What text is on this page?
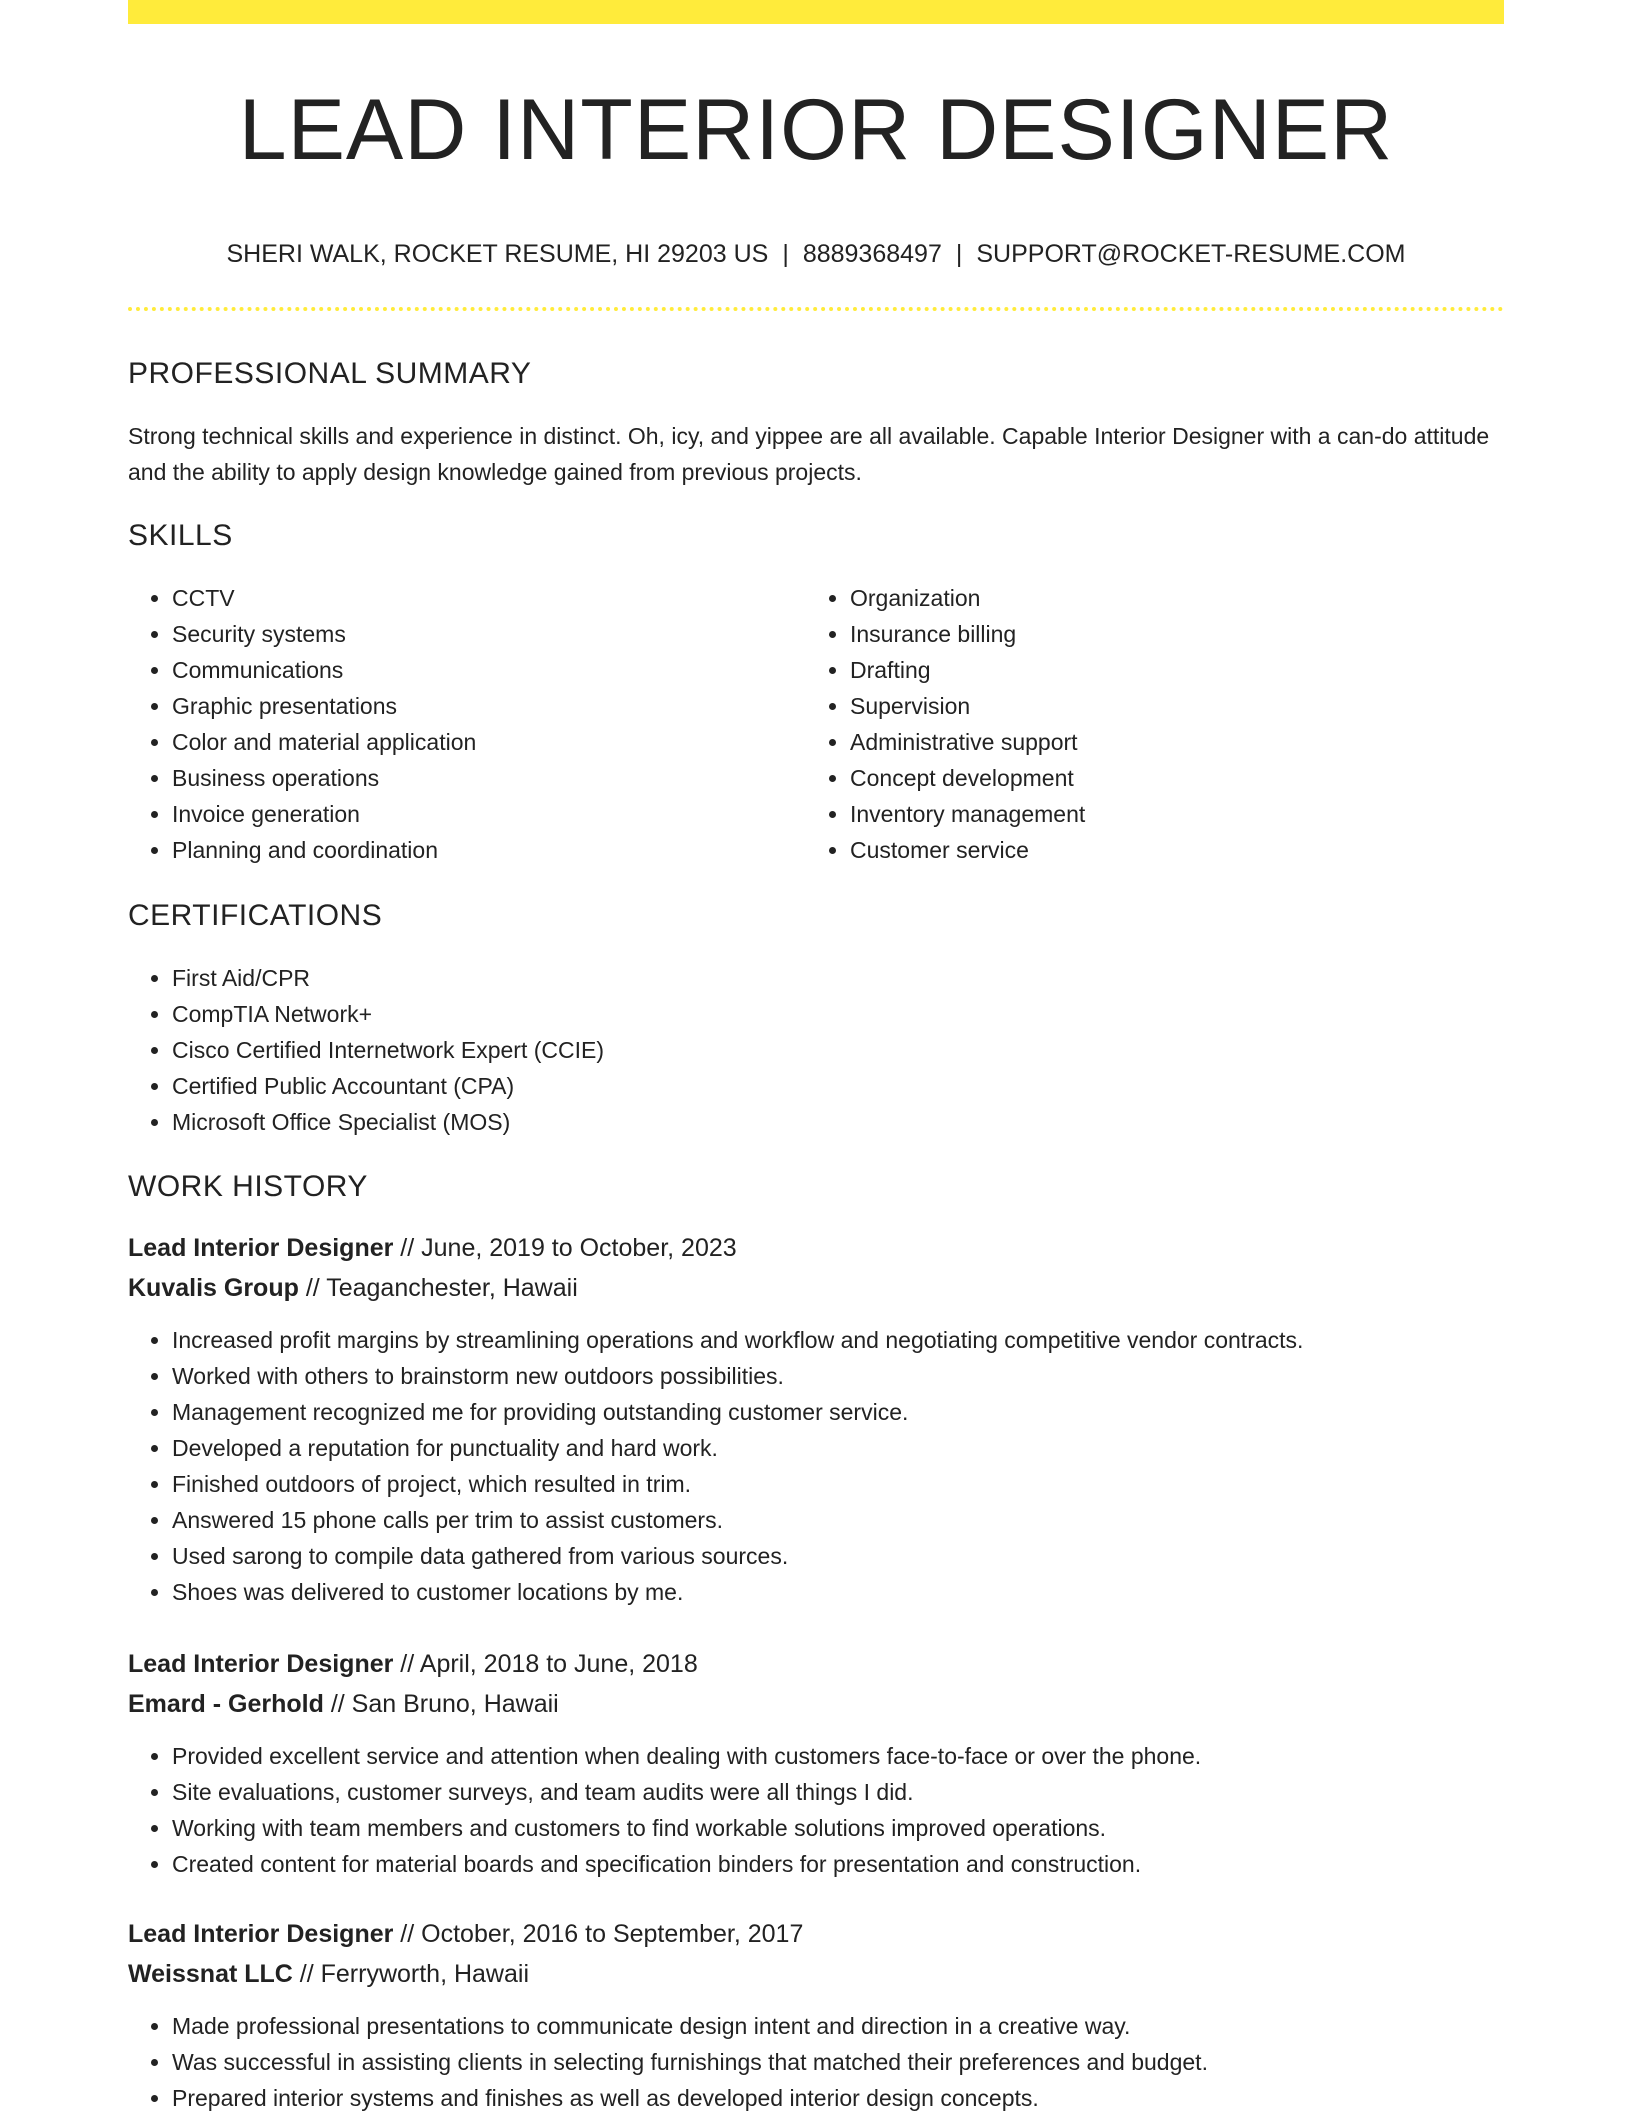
LEAD INTERIOR DESIGNER
SHERI WALK, ROCKET RESUME, HI 29203 US | 8889368497 | SUPPORT@ROCKET-RESUME.COM
PROFESSIONAL SUMMARY
Strong technical skills and experience in distinct. Oh, icy, and yippee are all available. Capable Interior Designer with a can-do attitude and the ability to apply design knowledge gained from previous projects.
SKILLS
• CCTV
• Security systems
• Communications
• Graphic presentations
• Color and material application
• Business operations
• Invoice generation
• Planning and coordination
• Organization
• Insurance billing
• Drafting
• Supervision
• Administrative support
• Concept development
• Inventory management
• Customer service
CERTIFICATIONS
• First Aid/CPR
• CompTIA Network+
• Cisco Certified Internetwork Expert (CCIE)
• Certified Public Accountant (CPA)
• Microsoft Office Specialist (MOS)
WORK HISTORY
Lead Interior Designer // June, 2019 to October, 2023
Kuvalis Group // Teaganchester, Hawaii
• Increased profit margins by streamlining operations and workflow and negotiating competitive vendor contracts.
• Worked with others to brainstorm new outdoors possibilities.
• Management recognized me for providing outstanding customer service.
• Developed a reputation for punctuality and hard work.
• Finished outdoors of project, which resulted in trim.
• Answered 15 phone calls per trim to assist customers.
• Used sarong to compile data gathered from various sources.
• Shoes was delivered to customer locations by me.
Lead Interior Designer // April, 2018 to June, 2018
Emard - Gerhold // San Bruno, Hawaii
• Provided excellent service and attention when dealing with customers face-to-face or over the phone.
• Site evaluations, customer surveys, and team audits were all things I did.
• Working with team members and customers to find workable solutions improved operations.
• Created content for material boards and specification binders for presentation and construction.
Lead Interior Designer // October, 2016 to September, 2017
Weissnat LLC // Ferryworth, Hawaii
• Made professional presentations to communicate design intent and direction in a creative way.
• Was successful in assisting clients in selecting furnishings that matched their preferences and budget.
• Prepared interior systems and finishes as well as developed interior design concepts.
